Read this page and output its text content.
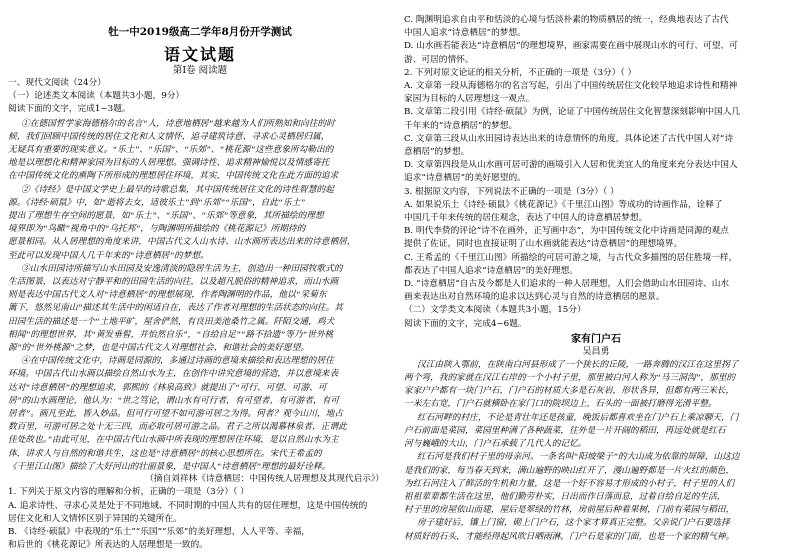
牡一中2019级高二学年8月份开学测试
语文试题
第Ⅰ卷 阅读题
一、现代文阅读（24分）
（一）论述类文本阅读（本题共3小题，9分）
阅读下面的文字，完成1~3题。
①在德国哲学家海德格尔的名言“人，诗意地栖居”越来越为人们所熟知和向往的时
候，我们回顾中国传统的居住文化和人文情怀，追寻建筑诗意、寻求心灵栖居归属，
无疑具有重要的现实意义。“乐土”、“乐国”、“乐郊”、“桃花源”这些意象所勾勒出的
地是以理想化和精神家园为目标的人居理想。强调诗性、追求精神愉悦以及情感寄托
在中国传统文化的熏陶下所形成的理想居住环境，其实，中国传统文化在此方面的追求
②《诗经》是中国文学史上最早的诗歌总集，其中国传统居住文化的诗性智慧的起
源。《诗经·硕鼠》中，如“逝将去女，适彼乐土”到“乐郊”“乐国”，自此“乐土”
提出了理想生存空间的愿景，如“乐土”、“乐国”、“乐郊”等意象，其所描绘的理想
境界即为“鸟瞰”视角中的“乌托邦”，与陶渊明所描绘的《桃花源记》所期待的
愿景相同。从人居理想的角度来讲，中国古代文人山水诗、山水画所表达出来的诗意栖居，
至此可以发现中国人几千年来的“诗意栖居”的梦想。
③山水田园诗所描写山水田园及安逸清淡的隐居生活为主，创造出一种田园牧歌式的
生活图景，以表达对宁静平和的田园生活的向往，以及超凡脱俗的精神追求，而山水画
则是表达中国古代文人对“诗意栖居”的理想展现，作者陶渊明的作品，他以“采菊东
篱下，悠然见南山”描述其生活中的闲适自在，表达了作者对理想的生活状态的向往。其
田园生活的描述是一个“土地平旷，屋舍俨然，有良田美池桑竹之属。阡陌交通，鸡犬
相闻”的理想世界，其“黄发垂髫，并怡然自乐”，“自给自足”“路不拾遗”等乃“世外桃
源”的“世外桃源”之梦，也是中国古代文人对理想社会、和谐社会的美好愿望。
④在中国传统文化中，诗画是同源的，多通过诗画的意境来描绘和表达理想的居住
环境。中国古代山水画以描绘自然山水为主，在创作中讲究意境的营造，并以意境来表
达对“诗意栖居”的理想追求，郭熙的《林泉高致》就提出了“可行、可望、可游、可
居”的山水画理论，他认为：“世之笃论，谓山水有可行者，有可望者，有可游者，有可
居者”。画凡至此，皆入妙品。但可行可望不如可游可居之为得。何者？观今山川，地占
数百里，可游可居之处十无三四，而必取可居可游之品。君子之所以渴慕林泉者，正谓此
佳处故也。”由此可见，在中国古代山水画中所表现的理想居住环境，是以自然山水为主
体，讲求人与自然的和谐共生，这也是“诗意栖居”的核心思想所在。宋代王希孟的
《千里江山图》描绘了大好河山的壮丽景象，是中国人“诗意栖居”理想的最好诠释。
（摘自刘祥林《诗意栖居：中国传统人居理想及其现代启示》）
1. 下列关于原文内容的理解和分析，正确的一项是（3分）（ ）
A. 追求诗性、寻求心灵是处于不同地域、不同时期的中国人共有的居住理想，这是中国传统的
居住文化和人文情怀区别于异国的关键所在。
B. 《诗经·硕鼠》中表现的“乐土”“乐国”“乐郊”的美好理想，人人平等、幸福，
和后世的《桃花源记》所表达的人居理想是一致的。
C. 陶渊明追求自由平和恬淡的心境与恬淡朴素的物质栖居的统一，经典地表达了古代
中国人追求“诗意栖居”的梦想。
D. 山水画若能表达“诗意栖居”的理想境界，画家需要在画中展现山水的可行、可望、可
游、可居的情怀。
2. 下列对原文论证的相关分析，不正确的一项是（3分）（ ）
A. 文章第一段从海德格尔的名言写起，引出了中国传统居住文化较早地追求诗性和精神
家园为目标的人居理想这一观点。
B. 文章第二段引用《诗经·硕鼠》为例，论证了中国传统居住文化智慧深刻影响中国人几
千年来的“诗意栖居”的梦想。
C. 文章第三段从山水田园诗表达出来的诗意情怀的角度，具体论述了古代中国人对“诗
意栖居”的梦想。
D. 文章第四段是从山水画可居可游的画境引入人居和优美宜人的角度来充分表达中国人
追求“诗意栖居”的美好愿望的。
3. 根据原文内容，下列说法不正确的一项是（3分）（ ）
A. 如果说乐土《诗经·硕鼠》《桃花源记》《千里江山图》等成功的诗画作品，诠释了
中国几千年来传统的居住观念，表达了中国人的诗意栖居梦想。
B. 明代李贽的评论“诗不在画外，正写画中态”，为中国传统文化中诗画是同源的观点
提供了佐证，同时也直接证明了山水画就能表达“诗意栖居”的理想境界。
C. 王希孟的《千里江山图》所描绘的可居可游之境，与古代众多描图的居住胜境一样，
都表达了中国人追求“诗意栖居”的美好理想。
D. “诗意栖居”自古及今都是人们追求的一种人居理想，人们会借助山水田园诗、山水
画来表达出对自然环境的追求以达到心灵与自然的诗意栖居的愿景。
（二）文学类文本阅读（本题共3小题，15分）
阅读下面的文字，完成4~6题。
家有门户石
吴昌勇
汉江由陕入鄂前，在陕南白河县形成了一个狭长的丘陵，一路奔腾的汉江在这里拐了
两个弯，我的家就在汉江右岸的一个小村子里，那里被白河人称为“马三洞沟”，那里的
家家户户都有一块门户石，门户石的材质大多是石灰岩，形状各异，但都有两三米长，
一米左右宽，门户石就横卧在家门口的院坝边上，石头的一面被打磨得光滑平整。
红石河畔的村庄，不论是青壮年还是孩童，晚饭后都喜欢坐在门户石上乘凉聊天，门
户石前面是菜园，菜园里种满了各种蔬菜，往外是一片开阔的稻田，再远处就是红石
河与巍峨的大山，门户石承载了几代人的记忆。
红石河是我们村子里的母亲河。一条名叫“阳坡梁子”的大山成为依靠的屏障，山这边
是我们的家，每当春天到来，满山遍野的映山红开了，漫山遍野都是一片火红的颜色，
为红石河注入了鲜活的生机和力量，这是一个好不容易才形成的小村子，村子里的人们
祖祖辈辈都生活在这里，他们勤劳朴实，日出而作日落而息，过着自给自足的生活，
村子里的房屋依山而建，屋后是翠绿的竹林，房前屋后种着果树，门前有菜园与稻田，
房子建好后，镶上门窗，砌上门户石，这个家才算真正完整。父亲说门户石要选择
材质好的石头，才能经得起风吹日晒雨淋，门户石是家的门面，也是一个家的精气神。
